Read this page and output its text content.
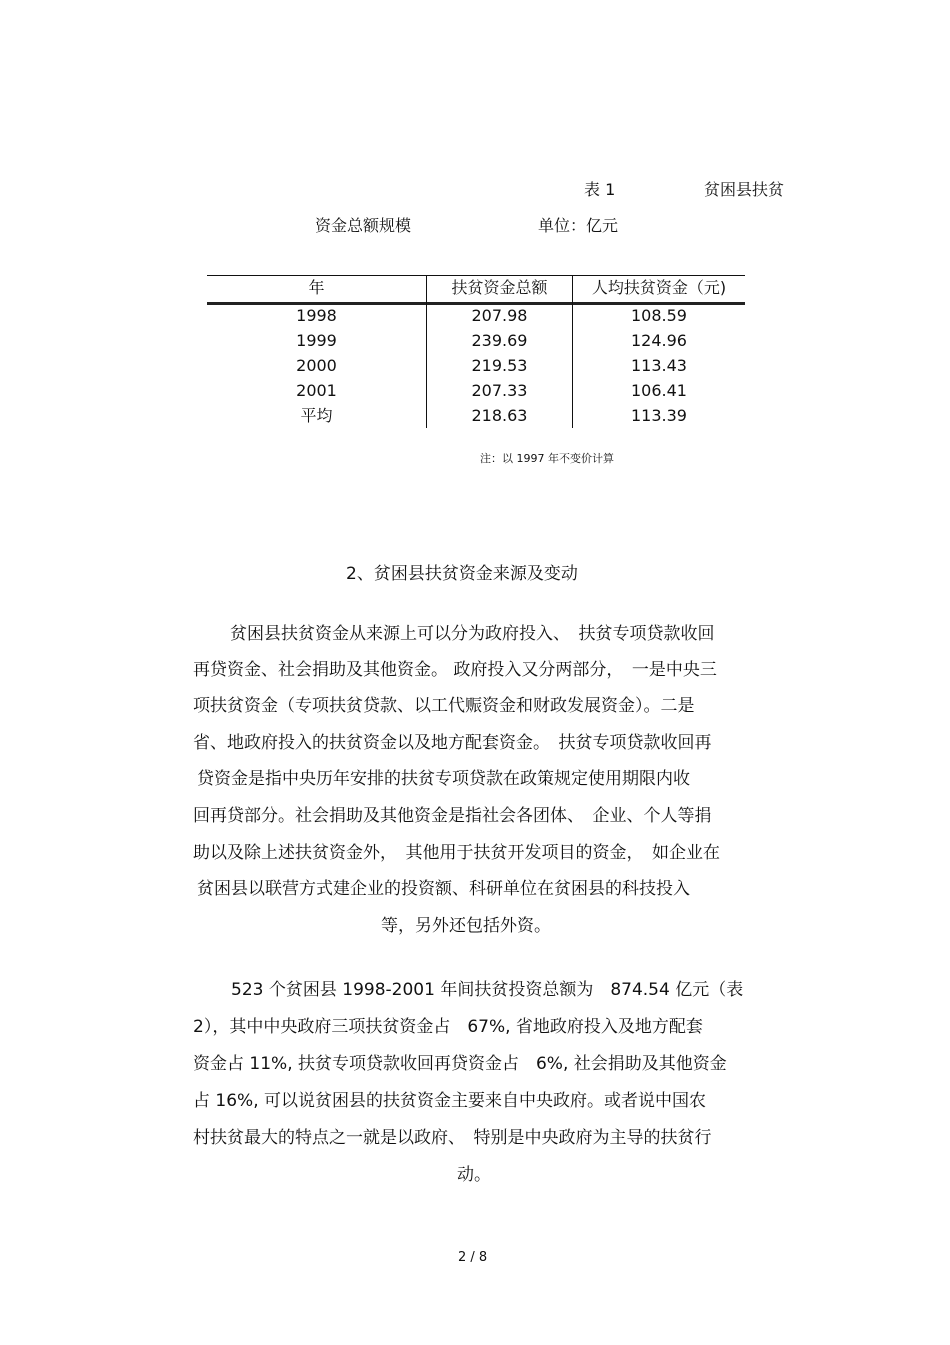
表 1	贫困县扶贫
资金总额规模	单位：亿元
年	扶贫资金总额	人均扶贫资金（元)
1998	207.98	108.59
1999	239.69	124.96
2000	219.53	113.43
2001	207.33	106.41
平均	218.63	113.39
注：以 1997 年不变价计算
2、贫困县扶贫资金来源及变动
贫困县扶贫资金从来源上可以分为政府投入、　扶贫专项贷款收回
再贷资金、社会捐助及其他资金。 政府投入又分两部分，　一是中央三
项扶贫资金（专项扶贫贷款、以工代赈资金和财政发展资金）。二是
省、地政府投入的扶贫资金以及地方配套资金。　扶贫专项贷款收回再
贷资金是指中央历年安排的扶贫专项贷款在政策规定使用期限内收
回再贷部分。社会捐助及其他资金是指社会各团体、　企业、个人等捐
助以及除上述扶贫资金外，　其他用于扶贫开发项目的资金，　如企业在
贫困县以联营方式建企业的投资额、科研单位在贫困县的科技投入
等，另外还包括外资。
523 个贫困县 1998-2001 年间扶贫投资总额为　874.54 亿元（表
2），其中中央政府三项扶贫资金占　67%, 省地政府投入及地方配套
资金占 11%, 扶贫专项贷款收回再贷资金占　6%, 社会捐助及其他资金
占 16%, 可以说贫困县的扶贫资金主要来自中央政府。或者说中国农
村扶贫最大的特点之一就是以政府、　特别是中央政府为主导的扶贫行
动。
2 / 8
